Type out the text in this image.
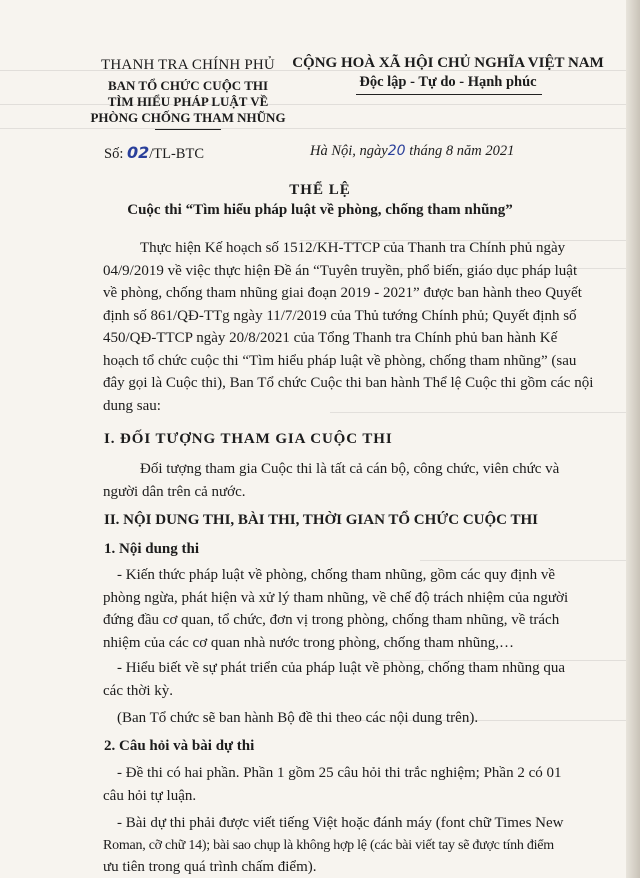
THANH TRA CHÍNH PHỦ
BAN TỔ CHỨC CUỘC THI
TÌM HIỂU PHÁP LUẬT VỀ
PHÒNG CHỐNG THAM NHŨNG
CỘNG HOÀ XÃ HỘI CHỦ NGHĨA VIỆT NAM
Độc lập - Tự do - Hạnh phúc
Số: 02/TL-BTC	Hà Nội, ngày20 tháng 8 năm 2021
THỂ LỆ
Cuộc thi “Tìm hiểu pháp luật về phòng, chống tham nhũng”
Thực hiện Kế hoạch số 1512/KH-TTCP của Thanh tra Chính phủ ngày
04/9/2019 về việc thực hiện Đề án “Tuyên truyền, phổ biến, giáo dục pháp luật
về phòng, chống tham nhũng giai đoạn 2019 - 2021” được ban hành theo Quyết
định số 861/QĐ-TTg ngày 11/7/2019 của Thủ tướng Chính phủ; Quyết định số
450/QĐ-TTCP ngày 20/8/2021 của Tổng Thanh tra Chính phủ ban hành Kế
hoạch tổ chức cuộc thi “Tìm hiểu pháp luật về phòng, chống tham nhũng” (sau
đây gọi là Cuộc thi), Ban Tổ chức Cuộc thi ban hành Thể lệ Cuộc thi gồm các nội
dung sau:
I. ĐỐI TƯỢNG THAM GIA CUỘC THI
Đối tượng tham gia Cuộc thi là tất cả cán bộ, công chức, viên chức và
người dân trên cả nước.
II. NỘI DUNG THI, BÀI THI, THỜI GIAN TỔ CHỨC CUỘC THI
1. Nội dung thi
- Kiến thức pháp luật về phòng, chống tham nhũng, gồm các quy định về
phòng ngừa, phát hiện và xử lý tham nhũng, về chế độ trách nhiệm của người
đứng đầu cơ quan, tổ chức, đơn vị trong phòng, chống tham nhũng, về trách
nhiệm của các cơ quan nhà nước trong phòng, chống tham nhũng,…
- Hiểu biết về sự phát triển của pháp luật về phòng, chống tham nhũng qua
các thời kỳ.
(Ban Tổ chức sẽ ban hành Bộ đề thi theo các nội dung trên).
2. Câu hỏi và bài dự thi
- Đề thi có hai phần. Phần 1 gồm 25 câu hỏi thi trắc nghiệm; Phần 2 có 01
câu hỏi tự luận.
- Bài dự thi phải được viết tiếng Việt hoặc đánh máy (font chữ Times New
Roman, cỡ chữ 14); bài sao chụp là không hợp lệ (các bài viết tay sẽ được tính điểm
ưu tiên trong quá trình chấm điểm).
